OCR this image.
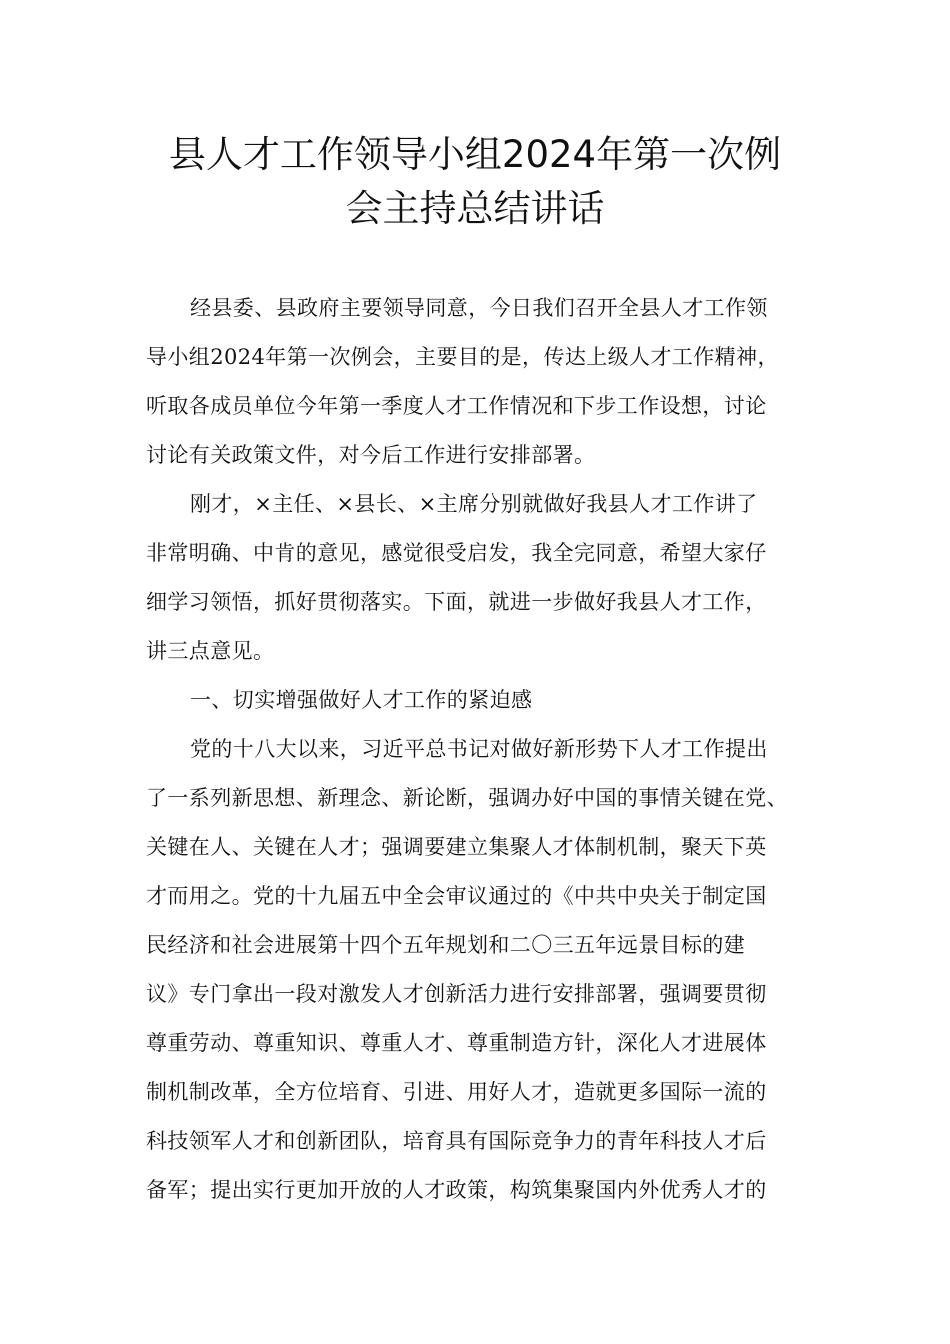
县人才工作领导小组2024年第一次例
会主持总结讲话
经县委、县政府主要领导同意，今日我们召开全县人才工作领
导小组2024年第一次例会，主要目的是，传达上级人才工作精神，
听取各成员单位今年第一季度人才工作情况和下步工作设想，讨论
讨论有关政策文件，对今后工作进行安排部署。
刚才，×主任、×县长、×主席分别就做好我县人才工作讲了
非常明确、中肯的意见，感觉很受启发，我全完同意，希望大家仔
细学习领悟，抓好贯彻落实。下面，就进一步做好我县人才工作，
讲三点意见。
一、切实增强做好人才工作的紧迫感
党的十八大以来，习近平总书记对做好新形势下人才工作提出
了一系列新思想、新理念、新论断，强调办好中国的事情关键在党、
关键在人、关键在人才；强调要建立集聚人才体制机制，聚天下英
才而用之。党的十九届五中全会审议通过的《中共中央关于制定国
民经济和社会进展第十四个五年规划和二〇三五年远景目标的建
议》专门拿出一段对激发人才创新活力进行安排部署，强调要贯彻
尊重劳动、尊重知识、尊重人才、尊重制造方针，深化人才进展体
制机制改革，全方位培育、引进、用好人才，造就更多国际一流的
科技领军人才和创新团队，培育具有国际竞争力的青年科技人才后
备军；提出实行更加开放的人才政策，构筑集聚国内外优秀人才的
